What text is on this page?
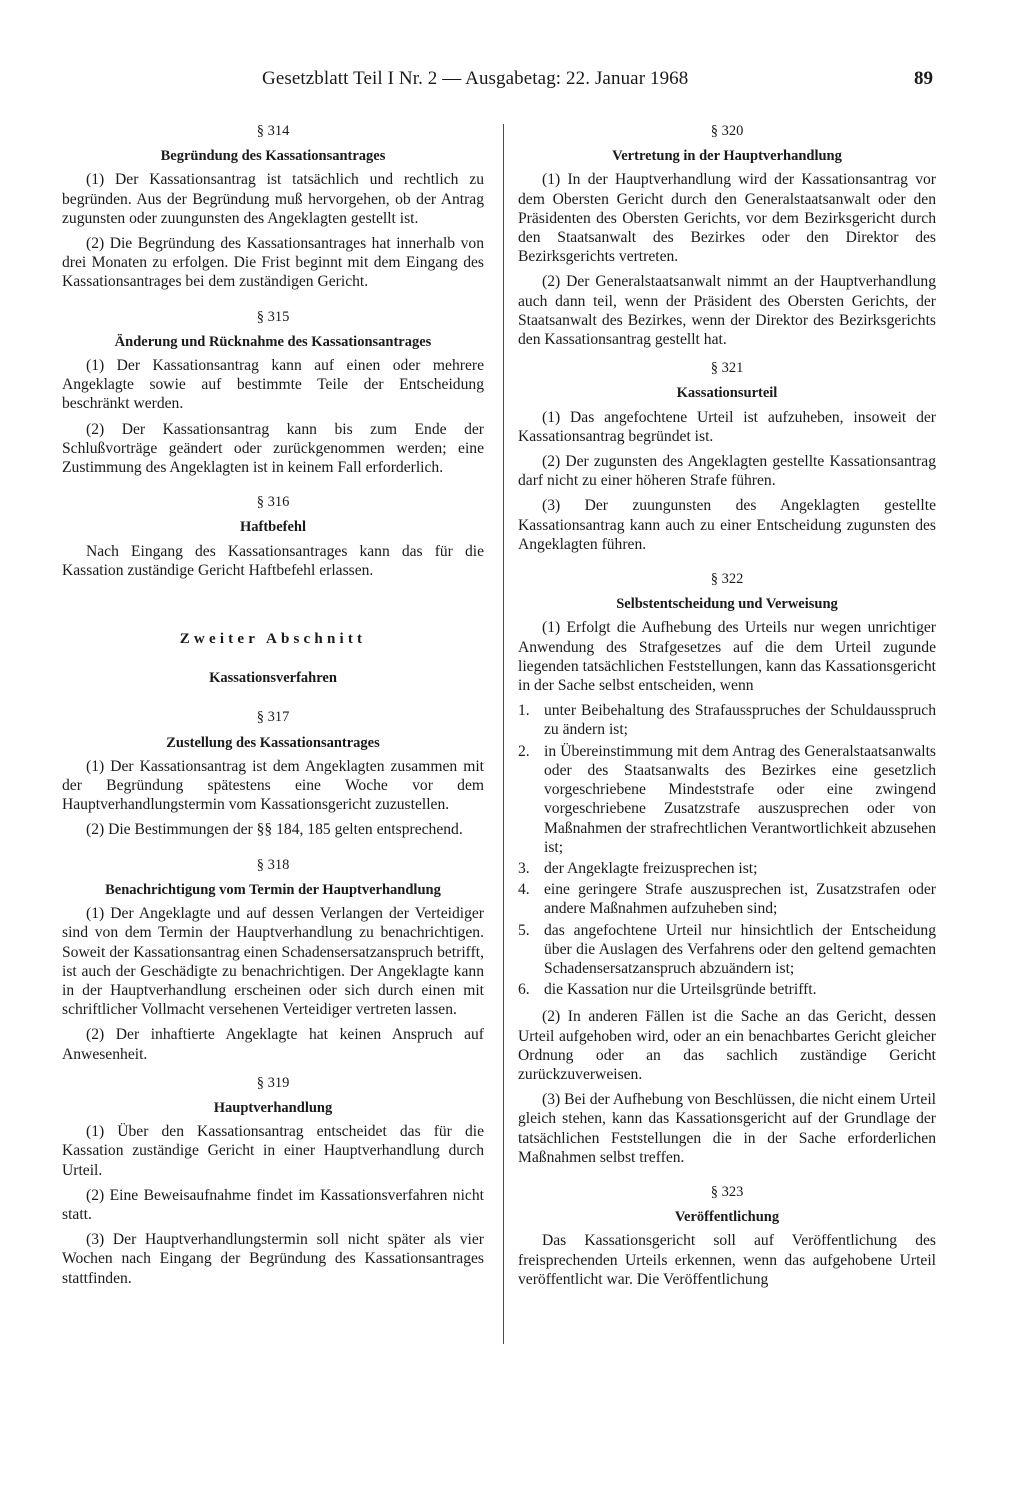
Gesetzblatt Teil I Nr. 2 — Ausgabetag: 22. Januar 1968	89
§ 314
Begründung des Kassationsantrages

(1) Der Kassationsantrag ist tatsächlich und rechtlich zu begründen. Aus der Begründung muß hervorgehen, ob der Antrag zugunsten oder zuungunsten des Angeklagten gestellt ist.

(2) Die Begründung des Kassationsantrages hat innerhalb von drei Monaten zu erfolgen. Die Frist beginnt mit dem Eingang des Kassationsantrages bei dem zuständigen Gericht.

§ 315
Änderung und Rücknahme des Kassationsantrages

(1) Der Kassationsantrag kann auf einen oder mehrere Angeklagte sowie auf bestimmte Teile der Entscheidung beschränkt werden.

(2) Der Kassationsantrag kann bis zum Ende der Schlußvorträge geändert oder zurückgenommen werden; eine Zustimmung des Angeklagten ist in keinem Fall erforderlich.

§ 316
Haftbefehl

Nach Eingang des Kassationsantrages kann das für die Kassation zuständige Gericht Haftbefehl erlassen.

Zweiter Abschnitt
Kassationsverfahren
§ 317
Zustellung des Kassationsantrages

(1) Der Kassationsantrag ist dem Angeklagten zusammen mit der Begründung spätestens eine Woche vor dem Hauptverhandlungstermin vom Kassationsgericht zuzustellen.

(2) Die Bestimmungen der §§ 184, 185 gelten entsprechend.

§ 318
Benachrichtigung vom Termin der Hauptverhandlung

(1) Der Angeklagte und auf dessen Verlangen der Verteidiger sind von dem Termin der Hauptverhandlung zu benachrichtigen. Soweit der Kassationsantrag einen Schadensersatzanspruch betrifft, ist auch der Geschädigte zu benachrichtigen. Der Angeklagte kann in der Hauptverhandlung erscheinen oder sich durch einen mit schriftlicher Vollmacht versehenen Verteidiger vertreten lassen.

(2) Der inhaftierte Angeklagte hat keinen Anspruch auf Anwesenheit.

§ 319
Hauptverhandlung

(1) Über den Kassationsantrag entscheidet das für die Kassation zuständige Gericht in einer Hauptverhandlung durch Urteil.

(2) Eine Beweisaufnahme findet im Kassationsverfahren nicht statt.

(3) Der Hauptverhandlungstermin soll nicht später als vier Wochen nach Eingang der Begründung des Kassationsantrages stattfinden.

§ 320
Vertretung in der Hauptverhandlung

(1) In der Hauptverhandlung wird der Kassationsantrag vor dem Obersten Gericht durch den Generalstaatsanwalt oder den Präsidenten des Obersten Gerichts, vor dem Bezirksgericht durch den Staatsanwalt des Bezirkes oder den Direktor des Bezirksgerichts vertreten.

(2) Der Generalstaatsanwalt nimmt an der Hauptverhandlung auch dann teil, wenn der Präsident des Obersten Gerichts, der Staatsanwalt des Bezirkes, wenn der Direktor des Bezirksgerichts den Kassationsantrag gestellt hat.

§ 321
Kassationsurteil

(1) Das angefochtene Urteil ist aufzuheben, insoweit der Kassationsantrag begründet ist.

(2) Der zugunsten des Angeklagten gestellte Kassationsantrag darf nicht zu einer höheren Strafe führen.

(3) Der zuungunsten des Angeklagten gestellte Kassationsantrag kann auch zu einer Entscheidung zugunsten des Angeklagten führen.

§ 322
Selbstentscheidung und Verweisung

(1) Erfolgt die Aufhebung des Urteils nur wegen unrichtiger Anwendung des Strafgesetzes auf die dem Urteil zugunde liegenden tatsächlichen Feststellungen, kann das Kassationsgericht in der Sache selbst entscheiden, wenn

1. unter Beibehaltung des Strafausspruches der Schuldausspruch zu ändern ist;
2. in Übereinstimmung mit dem Antrag des Generalstaatsanwalts oder des Staatsanwalts des Bezirkes eine gesetzlich vorgeschriebene Mindeststrafe oder eine zwingend vorgeschriebene Zusatzstrafe auszusprechen oder von Maßnahmen der strafrechtlichen Verantwortlichkeit abzusehen ist;
3. der Angeklagte freizusprechen ist;
4. eine geringere Strafe auszusprechen ist, Zusatzstrafen oder andere Maßnahmen aufzuheben sind;
5. das angefochtene Urteil nur hinsichtlich der Entscheidung über die Auslagen des Verfahrens oder den geltend gemachten Schadensersatzanspruch abzuändern ist;
6. die Kassation nur die Urteilsgründe betrifft.

(2) In anderen Fällen ist die Sache an das Gericht, dessen Urteil aufgehoben wird, oder an ein benachbartes Gericht gleicher Ordnung oder an das sachlich zuständige Gericht zurückzuverweisen.

(3) Bei der Aufhebung von Beschlüssen, die nicht einem Urteil gleich stehen, kann das Kassationsgericht auf der Grundlage der tatsächlichen Feststellungen die in der Sache erforderlichen Maßnahmen selbst treffen.

§ 323
Veröffentlichung

Das Kassationsgericht soll auf Veröffentlichung des freisprechenden Urteils erkennen, wenn das aufgehobene Urteil veröffentlicht war. Die Veröffentlichung
